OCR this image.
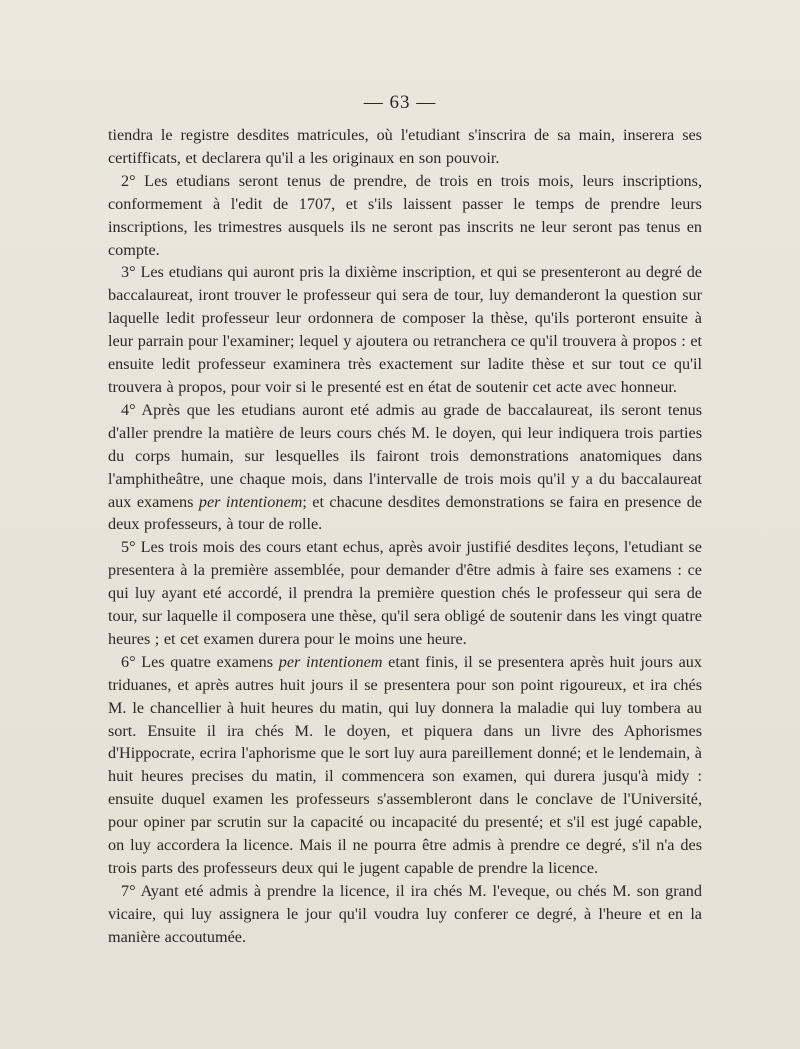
— 63 —

tiendra le registre desdites matricules, où l'etudiant s'inscrira de sa main, inserera ses certifficats, et declarera qu'il a les originaux en son pouvoir.

2° Les etudians seront tenus de prendre, de trois en trois mois, leurs inscriptions, conformement à l'edit de 1707, et s'ils laissent passer le temps de prendre leurs inscriptions, les trimestres ausquels ils ne seront pas inscrits ne leur seront pas tenus en compte.

3° Les etudians qui auront pris la dixième inscription, et qui se presenteront au degré de baccalaureat, iront trouver le professeur qui sera de tour, luy demanderont la question sur laquelle ledit professeur leur ordonnera de composer la thèse, qu'ils porteront ensuite à leur parrain pour l'examiner; lequel y ajoutera ou retranchera ce qu'il trouvera à propos : et ensuite ledit professeur examinera très exactement sur ladite thèse et sur tout ce qu'il trouvera à propos, pour voir si le presenté est en état de soutenir cet acte avec honneur.

4° Après que les etudians auront eté admis au grade de baccalaureat, ils seront tenus d'aller prendre la matière de leurs cours chés M. le doyen, qui leur indiquera trois parties du corps humain, sur lesquelles ils fairont trois demonstrations anatomiques dans l'amphitheâtre, une chaque mois, dans l'intervalle de trois mois qu'il y a du baccalaureat aux examens per intentionem; et chacune desdites demonstrations se faira en presence de deux professeurs, à tour de rolle.

5° Les trois mois des cours etant echus, après avoir justifié desdites leçons, l'etudiant se presentera à la première assemblée, pour demander d'être admis à faire ses examens : ce qui luy ayant eté accordé, il prendra la première question chés le professeur qui sera de tour, sur laquelle il composera une thèse, qu'il sera obligé de soutenir dans les vingt quatre heures ; et cet examen durera pour le moins une heure.

6° Les quatre examens per intentionem etant finis, il se presentera après huit jours aux triduanes, et après autres huit jours il se presentera pour son point rigoureux, et ira chés M. le chancellier à huit heures du matin, qui luy donnera la maladie qui luy tombera au sort. Ensuite il ira chés M. le doyen, et piquera dans un livre des Aphorismes d'Hippocrate, ecrira l'aphorisme que le sort luy aura pareillement donné; et le lendemain, à huit heures precises du matin, il commencera son examen, qui durera jusqu'à midy : ensuite duquel examen les professeurs s'assembleront dans le conclave de l'Université, pour opiner par scrutin sur la capacité ou incapacité du presenté; et s'il est jugé capable, on luy accordera la licence. Mais il ne pourra être admis à prendre ce degré, s'il n'a des trois parts des professeurs deux qui le jugent capable de prendre la licence.

7° Ayant eté admis à prendre la licence, il ira chés M. l'eveque, ou chés M. son grand vicaire, qui luy assignera le jour qu'il voudra luy conferer ce degré, à l'heure et en la manière accoutumée.
